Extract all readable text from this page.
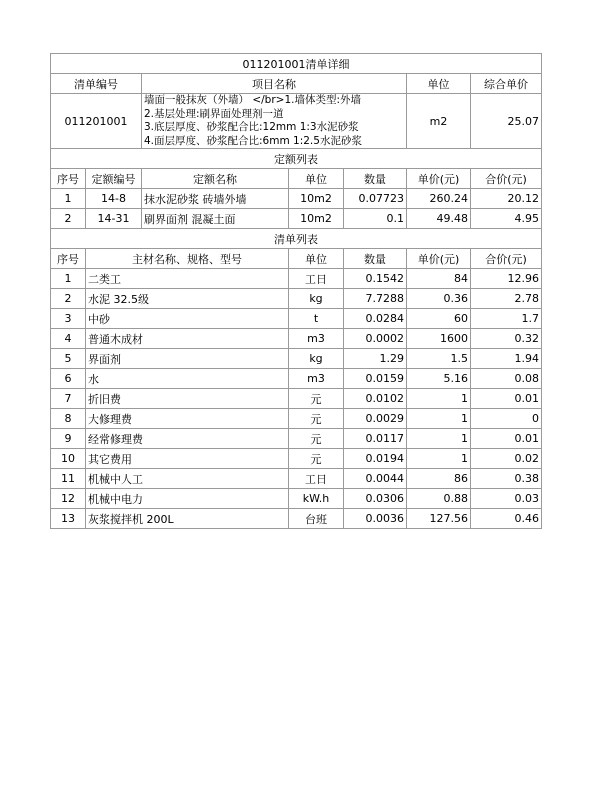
011201001清单详细						
清单编号		项目名称			单位	综合单价
011201001		墙面一般抹灰（外墙） </br>1.墙体类型:外墙
2.基层处理:刷界面处理剂一道
3.底层厚度、砂浆配合比:12mm 1:3水泥砂浆
4.面层厚度、砂浆配合比:6mm 1:2.5水泥砂浆			m2	25.07
定额列表						
序号	定额编号	定额名称	单位	数量	单价(元)	合价(元)
1	14-8	抹水泥砂浆 砖墙外墙	10m2	0.07723	260.24	20.12
2	14-31	刷界面剂 混凝土面	10m2	0.1	49.48	4.95
清单列表						
序号	主材名称、规格、型号		单位	数量	单价(元)	合价(元)
1	二类工		工日	0.1542	84	12.96
2	水泥 32.5级		kg	7.7288	0.36	2.78
3	中砂		t	0.0284	60	1.7
4	普通木成材		m3	0.0002	1600	0.32
5	界面剂		kg	1.29	1.5	1.94
6	水		m3	0.0159	5.16	0.08
7	折旧费		元	0.0102	1	0.01
8	大修理费		元	0.0029	1	0
9	经常修理费		元	0.0117	1	0.01
10	其它费用		元	0.0194	1	0.02
11	机械中人工		工日	0.0044	86	0.38
12	机械中电力		kW.h	0.0306	0.88	0.03
13	灰浆搅拌机 200L		台班	0.0036	127.56	0.46
